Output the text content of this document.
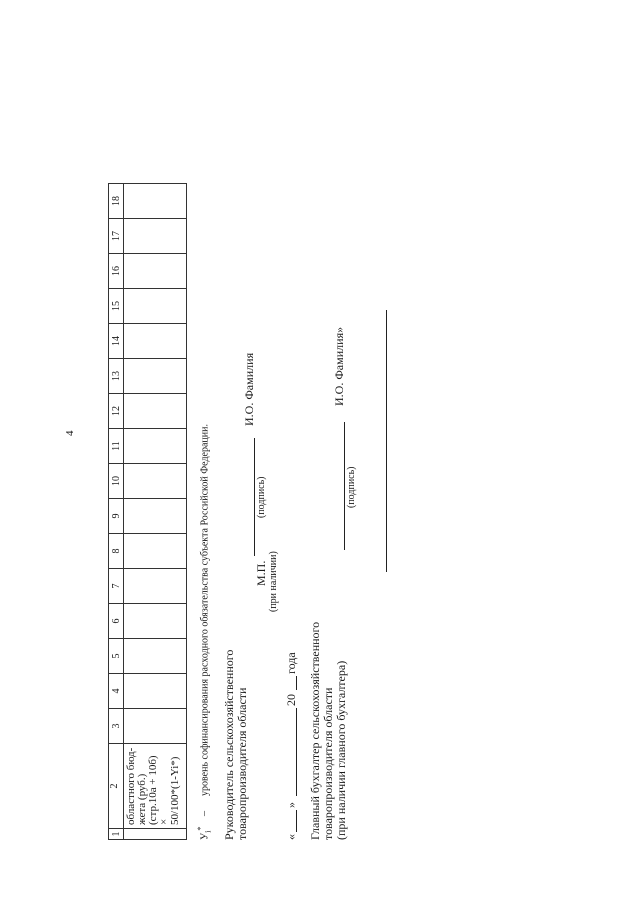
4
1	2	3	4	5	6	7	8	9	10	11	12	13	14	15	16	17	18

	областного бюд- жета (руб.) (стр.10а + 10б) × 50/100*(1-Yi*)																

$У_i^*$–уровень софинансирования расходного обязательства субъекта Российской Федерации. Руководитель сельскохозяйственного товаропроизводителя области
М.П. (при наличии)
(подпись)
И.О. Фамилия
«
»
20
года Главный бухгалтер сельскохозяйственного товаропроизводителя области (при наличии главного бухгалтера)
(подпись)
И.О. Фамилия»
